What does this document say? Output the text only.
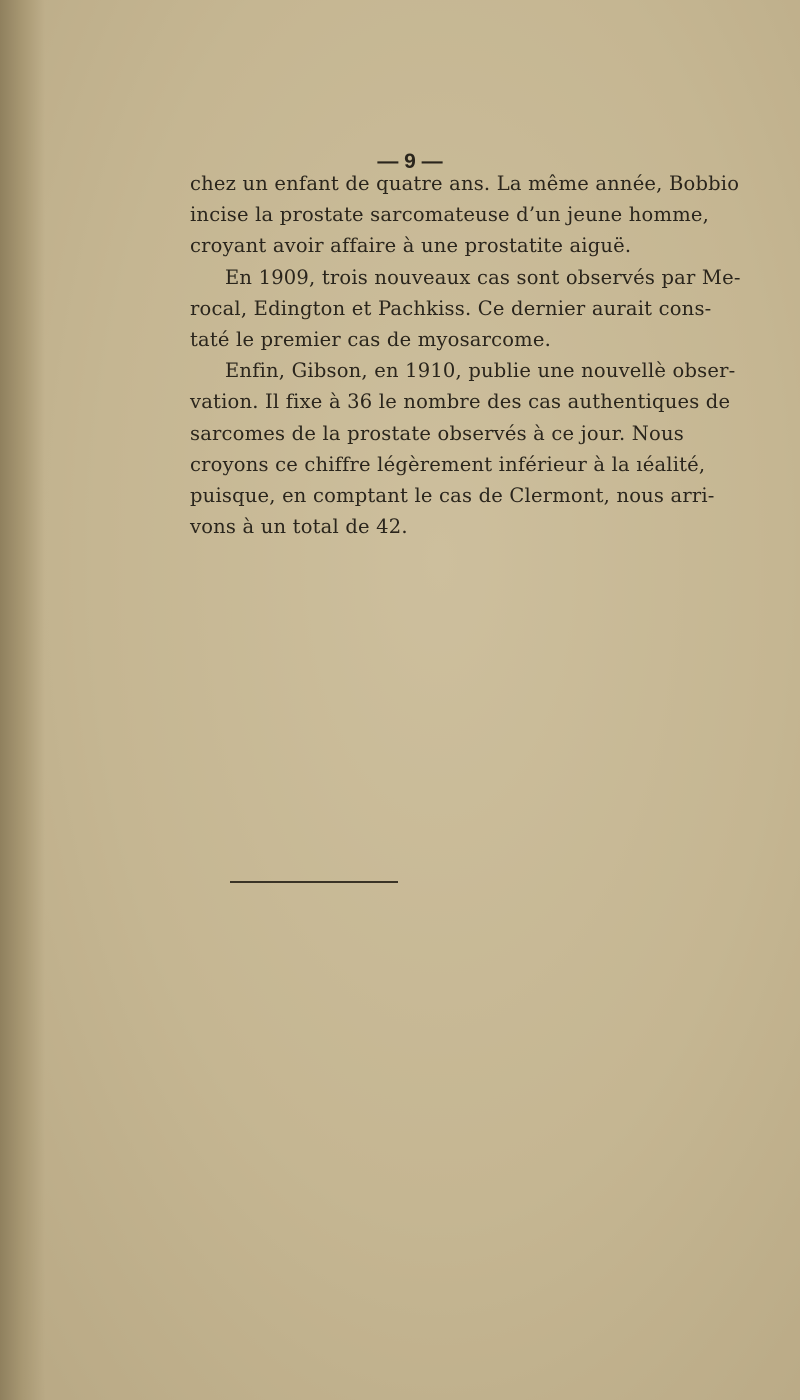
— 9 —
chez un enfant de quatre ans. La même année, Bobbio
incise la prostate sarcomateuse d’un jeune homme,
croyant avoir affaire à une prostatite aiguë.
En 1909, trois nouveaux cas sont observés par Me-
rocal, Edington et Pachkiss. Ce dernier aurait cons-
taté le premier cas de myosarcome.
Enfin, Gibson, en 1910, publie une nouvellè obser-
vation. Il fixe à 36 le nombre des cas authentiques de
sarcomes de la prostate observés à ce jour. Nous
croyons ce chiffre légèrement inférieur à la ıéalité,
puisque, en comptant le cas de Clermont, nous arri-
vons à un total de 42.
